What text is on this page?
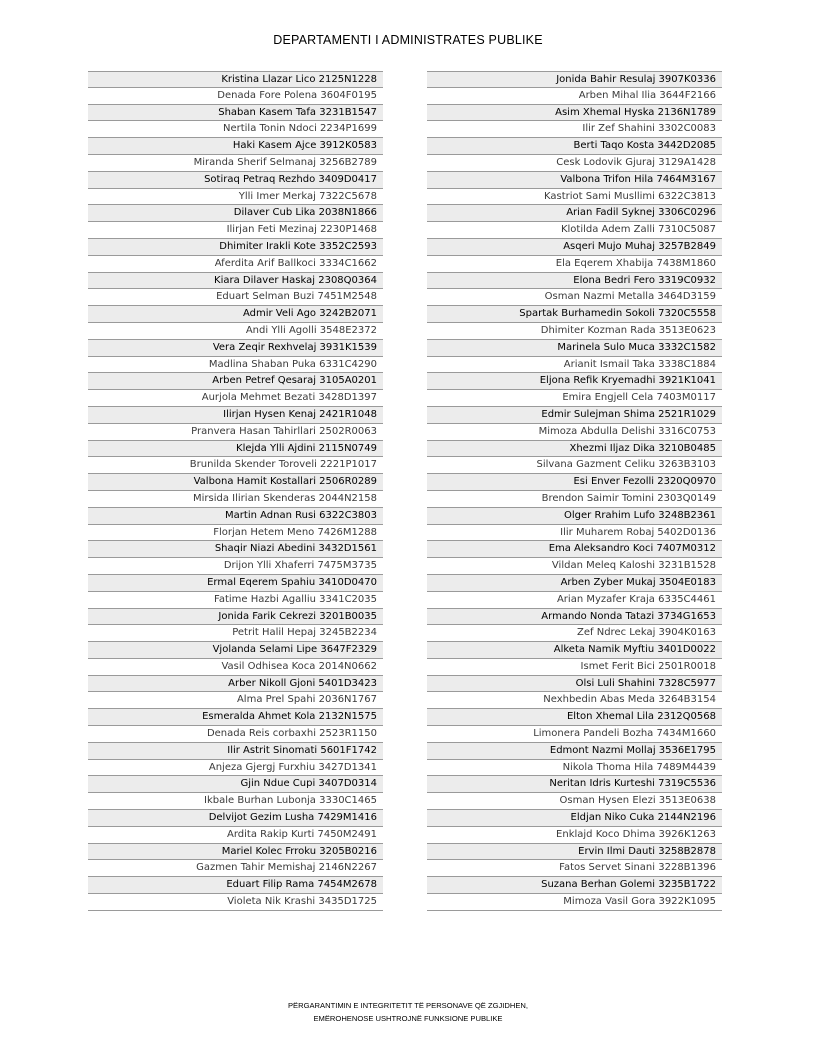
DEPARTAMENTI I ADMINISTRATES PUBLIKE
Kristina Llazar Lico 2125N1228
Denada Fore Polena 3604F0195
Shaban Kasem Tafa 3231B1547
Nertila Tonin Ndoci 2234P1699
Haki Kasem Ajce 3912K0583
Miranda Sherif Selmanaj 3256B2789
Sotiraq Petraq Rezhdo 3409D0417
Ylli Imer Merkaj 7322C5678
Dilaver Cub Lika 2038N1866
Ilirjan Feti Mezinaj 2230P1468
Dhimiter Irakli Kote 3352C2593
Aferdita Arif Ballkoci 3334C1662
Kiara Dilaver Haskaj 2308Q0364
Eduart Selman Buzi 7451M2548
Admir Veli Ago 3242B2071
Andi Ylli Agolli 3548E2372
Vera Zeqir Rexhvelaj 3931K1539
Madlina Shaban Puka 6331C4290
Arben Petref Qesaraj 3105A0201
Aurjola Mehmet Bezati 3428D1397
Ilirjan Hysen Kenaj 2421R1048
Pranvera Hasan Tahirllari 2502R0063
Klejda Ylli Ajdini 2115N0749
Brunilda Skender Toroveli 2221P1017
Valbona Hamit Kostallari 2506R0289
Mirsida Ilirian Skenderas 2044N2158
Martin Adnan Rusi 6322C3803
Florjan Hetem Meno 7426M1288
Shaqir Niazi Abedini 3432D1561
Drijon Ylli Xhaferri 7475M3735
Ermal Eqerem Spahiu 3410D0470
Fatime Hazbi Agalliu 3341C2035
Jonida Farik Cekrezi 3201B0035
Petrit Halil Hepaj 3245B2234
Vjolanda Selami Lipe 3647F2329
Vasil Odhisea Koca 2014N0662
Arber Nikoll Gjoni 5401D3423
Alma Prel Spahi 2036N1767
Esmeralda Ahmet Kola 2132N1575
Denada Reis corbaxhi 2523R1150
Ilir Astrit Sinomati 5601F1742
Anjeza Gjergj Furxhiu 3427D1341
Gjin Ndue Cupi 3407D0314
Ikbale Burhan Lubonja 3330C1465
Delvijot Gezim Lusha 7429M1416
Ardita Rakip Kurti 7450M2491
Mariel Kolec Frroku 3205B0216
Gazmen Tahir Memishaj 2146N2267
Eduart Filip Rama 7454M2678
Violeta Nik Krashi 3435D1725
Jonida Bahir Resulaj 3907K0336
Arben Mihal Ilia 3644F2166
Asim Xhemal Hyska 2136N1789
Ilir Zef Shahini 3302C0083
Berti Taqo Kosta 3442D2085
Cesk Lodovik Gjuraj 3129A1428
Valbona Trifon Hila 7464M3167
Kastriot Sami Musllimi 6322C3813
Arian Fadil Syknej 3306C0296
Klotilda Adem Zalli 7310C5087
Asqeri Mujo Muhaj 3257B2849
Ela Eqerem Xhabija 7438M1860
Elona Bedri Fero 3319C0932
Osman Nazmi Metalla 3464D3159
Spartak Burhamedin Sokoli 7320C5558
Dhimiter Kozman Rada 3513E0623
Marinela Sulo Muca 3332C1582
Arianit Ismail Taka 3338C1884
Eljona Refik Kryemadhi 3921K1041
Emira Engjell Cela 7403M0117
Edmir Sulejman Shima 2521R1029
Mimoza Abdulla Delishi 3316C0753
Xhezmi Iljaz Dika 3210B0485
Silvana Gazment Celiku 3263B3103
Esi Enver Fezolli 2320Q0970
Brendon Saimir Tomini 2303Q0149
Olger Rrahim Lufo 3248B2361
Ilir Muharem Robaj 5402D0136
Ema Aleksandro Koci 7407M0312
Vildan Meleq Kaloshi 3231B1528
Arben Zyber Mukaj 3504E0183
Arian Myzafer Kraja 6335C4461
Armando Nonda Tatazi 3734G1653
Zef Ndrec Lekaj 3904K0163
Alketa Namik Myftiu 3401D0022
Ismet Ferit Bici 2501R0018
Olsi Luli Shahini 7328C5977
Nexhbedin Abas Meda 3264B3154
Elton Xhemal Lila 2312Q0568
Limonera Pandeli Bozha 7434M1660
Edmont Nazmi Mollaj 3536E1795
Nikola Thoma Hila 7489M4439
Neritan Idris Kurteshi 7319C5536
Osman Hysen Elezi 3513E0638
Eldjan Niko Cuka 2144N2196
Enklajd Koco Dhima 3926K1263
Ervin Ilmi Dauti 3258B2878
Fatos Servet Sinani 3228B1396
Suzana Berhan Golemi 3235B1722
Mimoza Vasil Gora 3922K1095
PËRGARANTIMIN E INTEGRITETIT TË PERSONAVE QË ZGJIDHEN,
EMËROHENOSE USHTROJNË FUNKSIONE PUBLIKE
